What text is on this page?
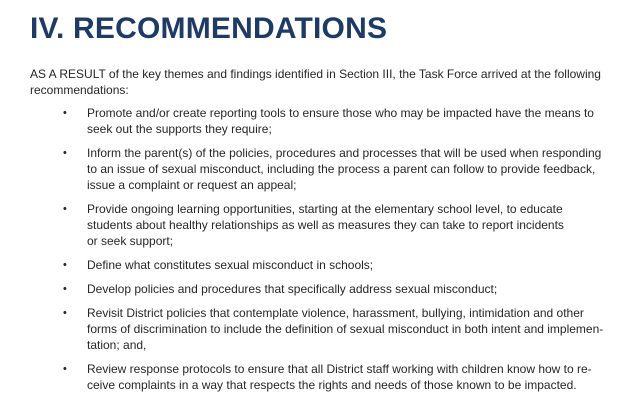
IV. RECOMMENDATIONS

AS A RESULT of the key themes and findings identified in Section III, the Task Force arrived at the following
recommendations:

• Promote and/or create reporting tools to ensure those who may be impacted have the means to
seek out the supports they require;
• Inform the parent(s) of the policies, procedures and processes that will be used when responding
to an issue of sexual misconduct, including the process a parent can follow to provide feedback,
issue a complaint or request an appeal;
• Provide ongoing learning opportunities, starting at the elementary school level, to educate
students about healthy relationships as well as measures they can take to report incidents
or seek support;
• Define what constitutes sexual misconduct in schools;
• Develop policies and procedures that specifically address sexual misconduct;
• Revisit District policies that contemplate violence, harassment, bullying, intimidation and other
forms of discrimination to include the definition of sexual misconduct in both intent and implemen-
tation; and,
• Review response protocols to ensure that all District staff working with children know how to re-
ceive complaints in a way that respects the rights and needs of those known to be impacted.
